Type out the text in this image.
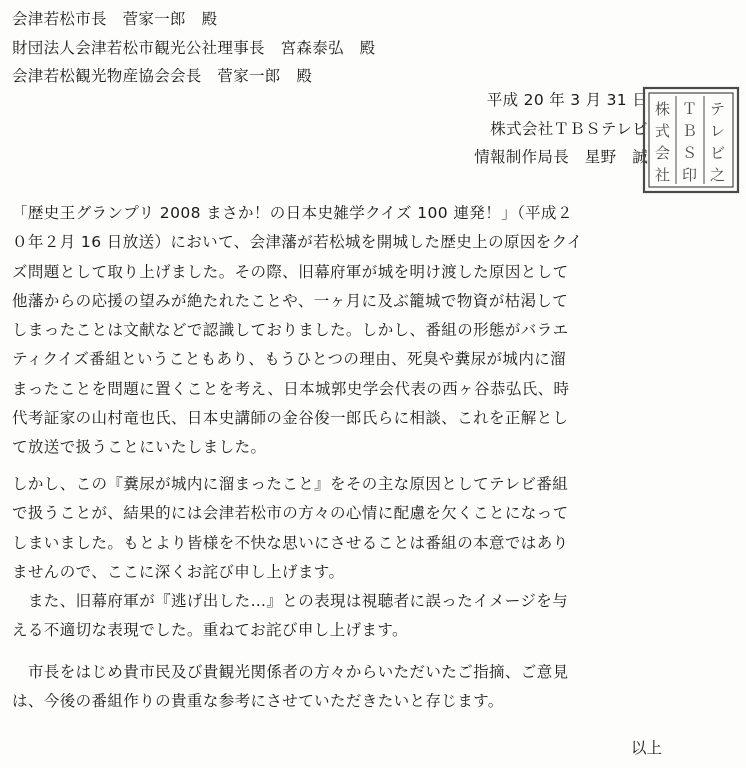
会津若松市長　菅家一郎　殿
財団法人会津若松市観光公社理事長　宮森泰弘　殿
会津若松観光物産協会会長　菅家一郎　殿
平成 20 年 3 月 31 日
株式会社ＴＢＳテレビ
情報制作局長　星野　誠
株
式
会
社
Ｔ
Ｂ
Ｓ
印
テ
レ
ビ
之
「歴史王グランプリ 2008 まさか！の日本史雑学クイズ 100 連発！」（平成２
０年２月 16 日放送）において、会津藩が若松城を開城した歴史上の原因をクイ
ズ問題として取り上げました。その際、旧幕府軍が城を明け渡した原因として
他藩からの応援の望みが絶たれたことや、一ヶ月に及ぶ籠城で物資が枯渇して
しまったことは文献などで認識しておりました。しかし、番組の形態がバラエ
ティクイズ番組ということもあり、もうひとつの理由、死臭や糞尿が城内に溜
まったことを問題に置くことを考え、日本城郭史学会代表の西ヶ谷恭弘氏、時
代考証家の山村竜也氏、日本史講師の金谷俊一郎氏らに相談、これを正解とし
て放送で扱うことにいたしました。
しかし、この『糞尿が城内に溜まったこと』をその主な原因としてテレビ番組
で扱うことが、結果的には会津若松市の方々の心情に配慮を欠くことになって
しまいました。もとより皆様を不快な思いにさせることは番組の本意ではあり
ませんので、ここに深くお詫び申し上げます。
　また、旧幕府軍が『逃げ出した…』との表現は視聴者に誤ったイメージを与
える不適切な表現でした。重ねてお詫び申し上げます。
　市長をはじめ貴市民及び貴観光関係者の方々からいただいたご指摘、ご意見
は、今後の番組作りの貴重な参考にさせていただきたいと存じます。
以上
